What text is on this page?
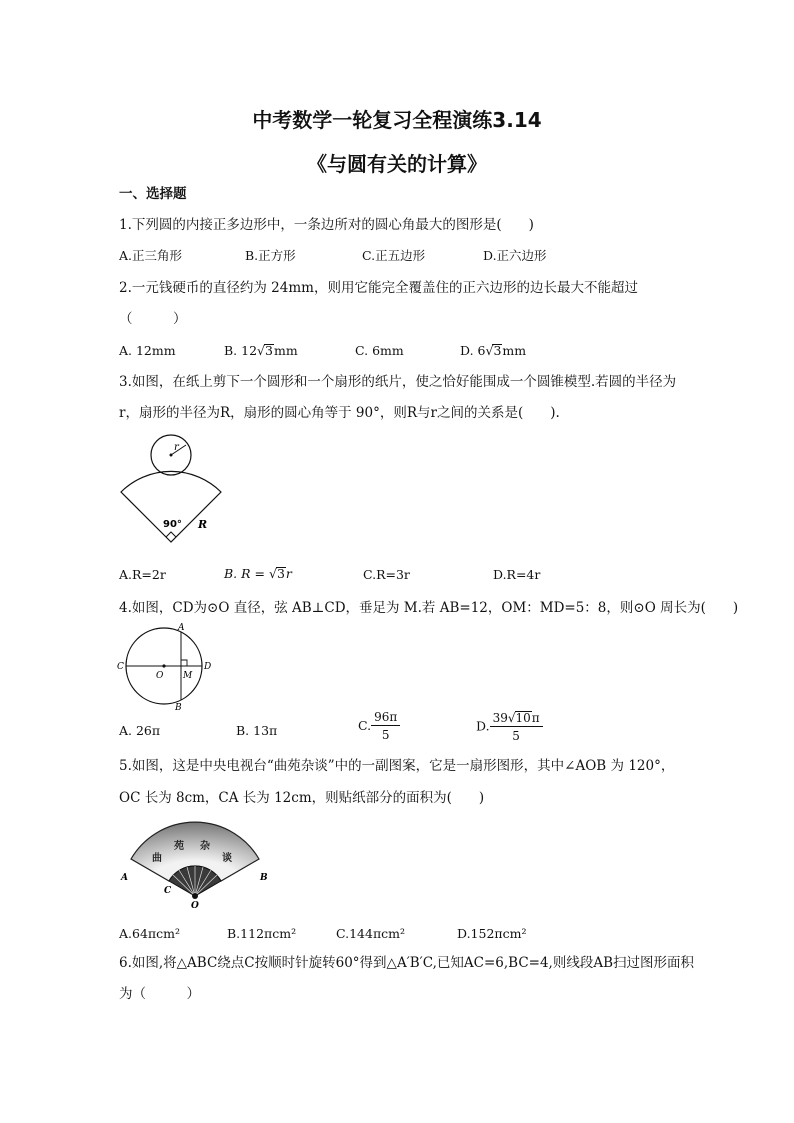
中考数学一轮复习全程演练3.14
《与圆有关的计算》
一、选择题
1.下列圆的内接正多边形中，一条边所对的圆心角最大的图形是(　　)
A.正三角形	B.正方形	C.正五边形	D.正六边形
2.一元钱硬币的直径约为 24mm，则用它能完全覆盖住的正六边形的边长最大不能超过
（　　　）
A. 12mm	B. 12√3mm	C. 6mm	D. 6√3mm
3.如图，在纸上剪下一个圆形和一个扇形的纸片，使之恰好能围成一个圆锥模型.若圆的半径为
r，扇形的半径为R，扇形的圆心角等于 90°，则R与r之间的关系是(　　).
r
90° R
A.R=2r	B. R = √3r	C.R=3r	D.R=4r
4.如图，CD为⊙O 直径，弦 AB⊥CD，垂足为 M.若 AB=12，OM：MD=5：8，则⊙O 周长为(　　)
A
B
C	D
O M
A. 26π	B. 13π	C. $\frac{96\pi}{5}$	D. $\frac{39√10\pi}{5}$
5.如图，这是中央电视台“曲苑杂谈”中的一副图案，它是一扇形图形，其中∠AOB 为 120°，
OC 长为 8cm，CA 长为 12cm，则贴纸部分的面积为(　　)
曲
苑 杂
谈
A	B
C
O
A.64πcm²	B.112πcm²	C.144πcm²	D.152πcm²
6.如图,将△ABC绕点C按顺时针旋转60°得到△A′B′C,已知AC=6,BC=4,则线段AB扫过图形面积
为（　　　）
